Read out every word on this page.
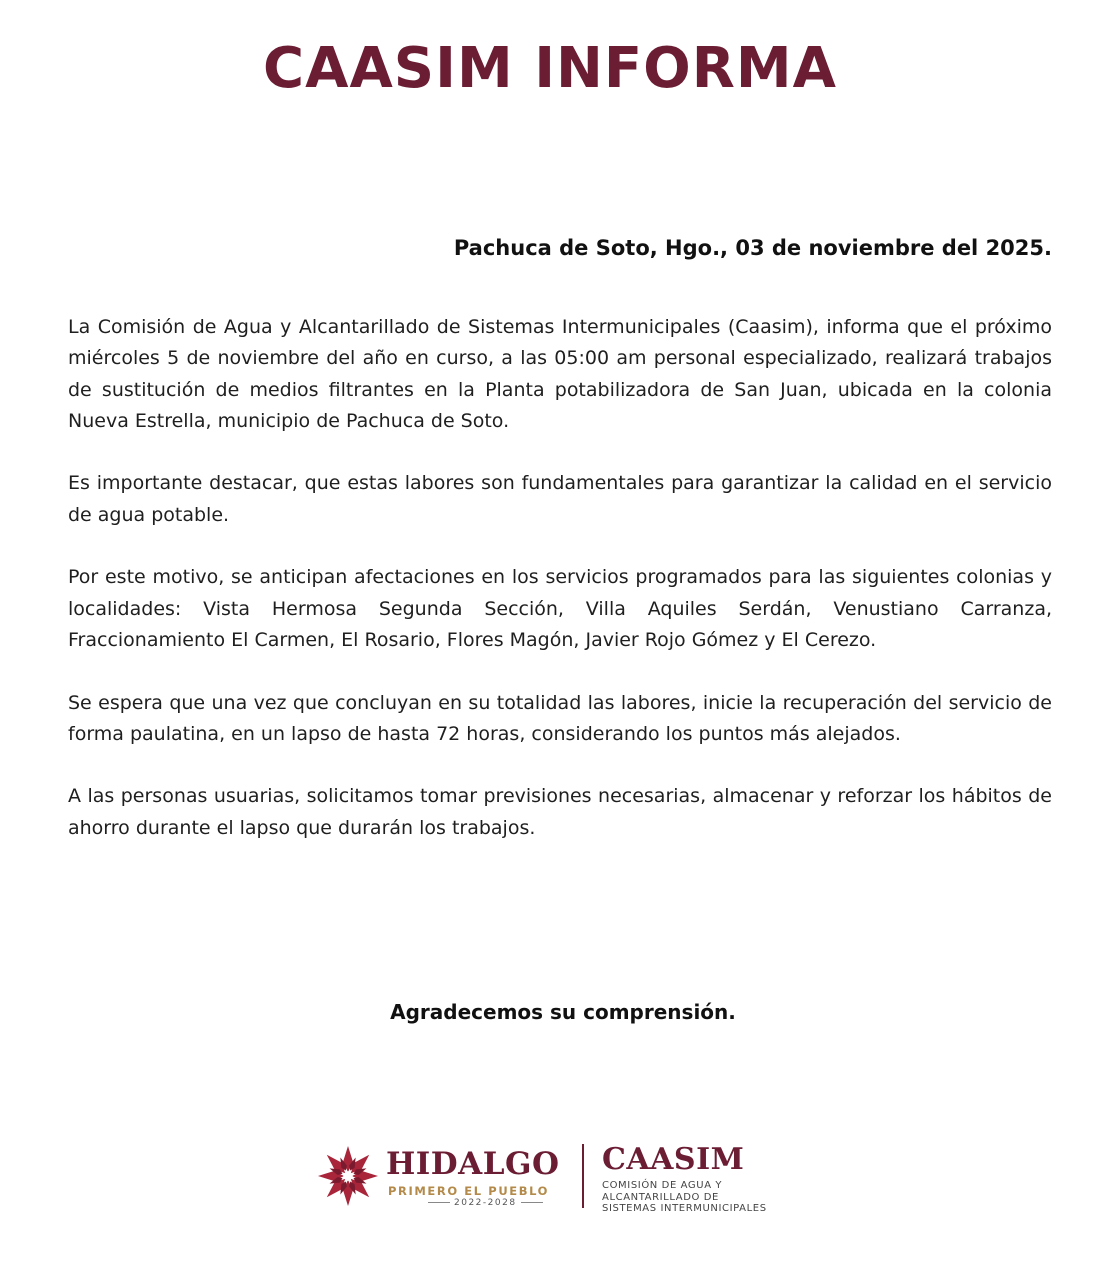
CAASIM INFORMA
Pachuca de Soto, Hgo., 03 de noviembre del 2025.

La Comisión de Agua y Alcantarillado de Sistemas Intermunicipales (Caasim), informa que el próximo miércoles 5 de noviembre del año en curso, a las 05:00 am personal especializado, realizará trabajos de sustitución de medios filtrantes en la Planta potabilizadora de San Juan, ubicada en la colonia Nueva Estrella, municipio de Pachuca de Soto.

Es importante destacar, que estas labores son fundamentales para garantizar la calidad en el servicio de agua potable.

Por este motivo, se anticipan afectaciones en los servicios programados para las siguientes colonias y localidades: Vista Hermosa Segunda Sección, Villa Aquiles Serdán, Venustiano Carranza, Fraccionamiento El Carmen, El Rosario, Flores Magón, Javier Rojo Gómez y El Cerezo.

Se espera que una vez que concluyan en su totalidad las labores, inicie la recuperación del servicio de forma paulatina, en un lapso de hasta 72 horas, considerando los puntos más alejados.

A las personas usuarias, solicitamos tomar previsiones necesarias, almacenar y reforzar los hábitos de ahorro durante el lapso que durarán los trabajos.

Agradecemos su comprensión.
HIDALGO
PRIMERO EL PUEBLO
2022-2028
CAASIM
COMISIÓN DE AGUA Y
ALCANTARILLADO DE
SISTEMAS INTERMUNICIPALES
